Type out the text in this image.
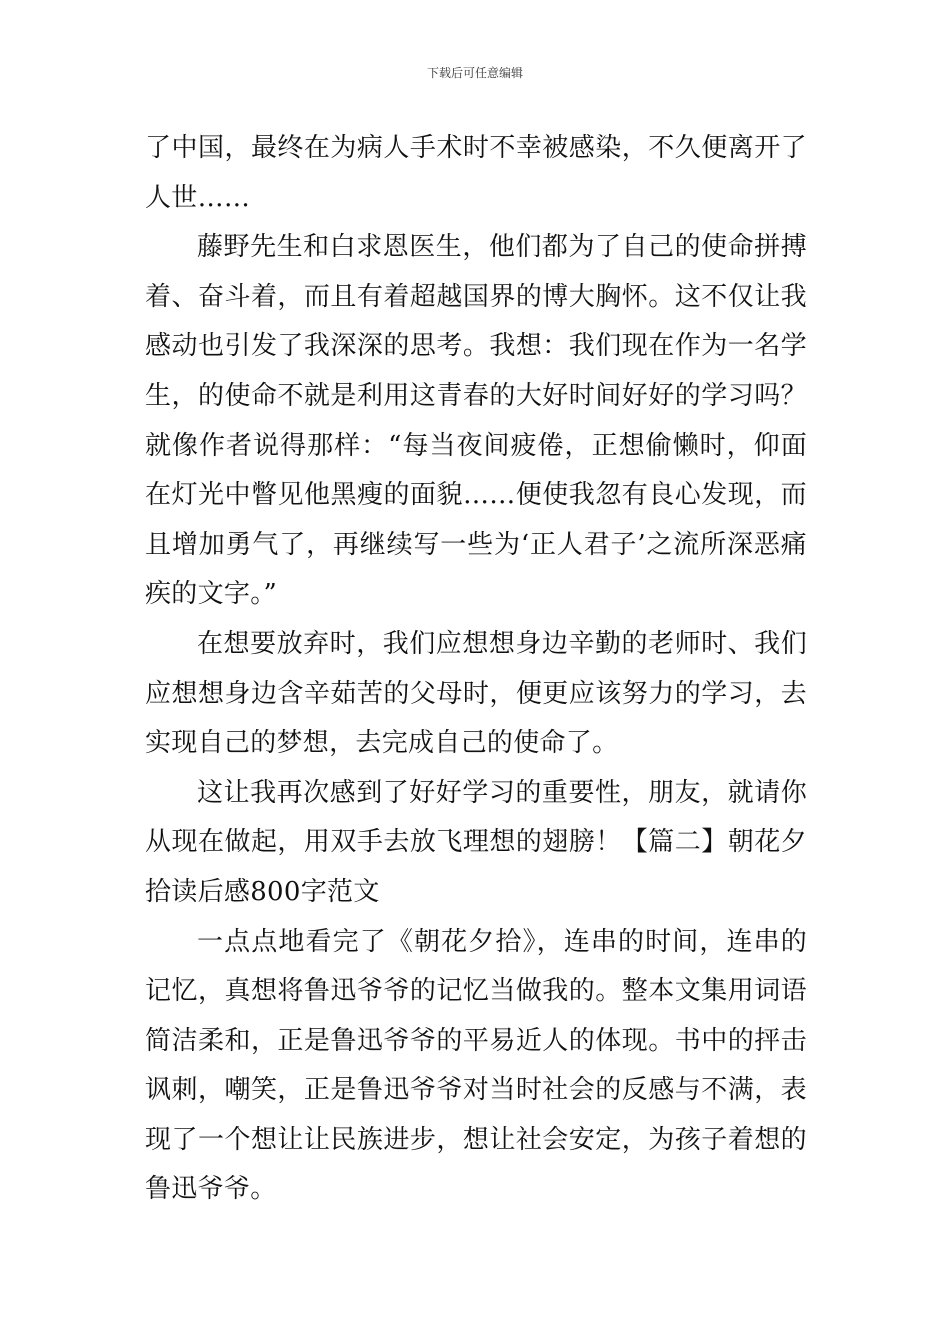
下载后可任意编辑

了中国，最终在为病人手术时不幸被感染，不久便离开了人世……

藤野先生和白求恩医生，他们都为了自己的使命拼搏着、奋斗着，而且有着超越国界的博大胸怀。这不仅让我感动也引发了我深深的思考。我想：我们现在作为一名学生，的使命不就是利用这青春的大好时间好好的学习吗？就像作者说得那样：“每当夜间疲倦，正想偷懒时，仰面在灯光中瞥见他黑瘦的面貌……便使我忽有良心发现，而且增加勇气了，再继续写一些为‘正人君子’之流所深恶痛疾的文字。”

在想要放弃时，我们应想想身边辛勤的老师时、我们应想想身边含辛茹苦的父母时，便更应该努力的学习，去实现自己的梦想，去完成自己的使命了。

这让我再次感到了好好学习的重要性，朋友，就请你从现在做起，用双手去放飞理想的翅膀！【篇二】朝花夕拾读后感800字范文

一点点地看完了《朝花夕拾》，连串的时间，连串的记忆，真想将鲁迅爷爷的记忆当做我的。整本文集用词语简洁柔和，正是鲁迅爷爷的平易近人的体现。书中的抨击讽刺，嘲笑，正是鲁迅爷爷对当时社会的反感与不满，表现了一个想让让民族进步，想让社会安定，为孩子着想的鲁迅爷爷。
